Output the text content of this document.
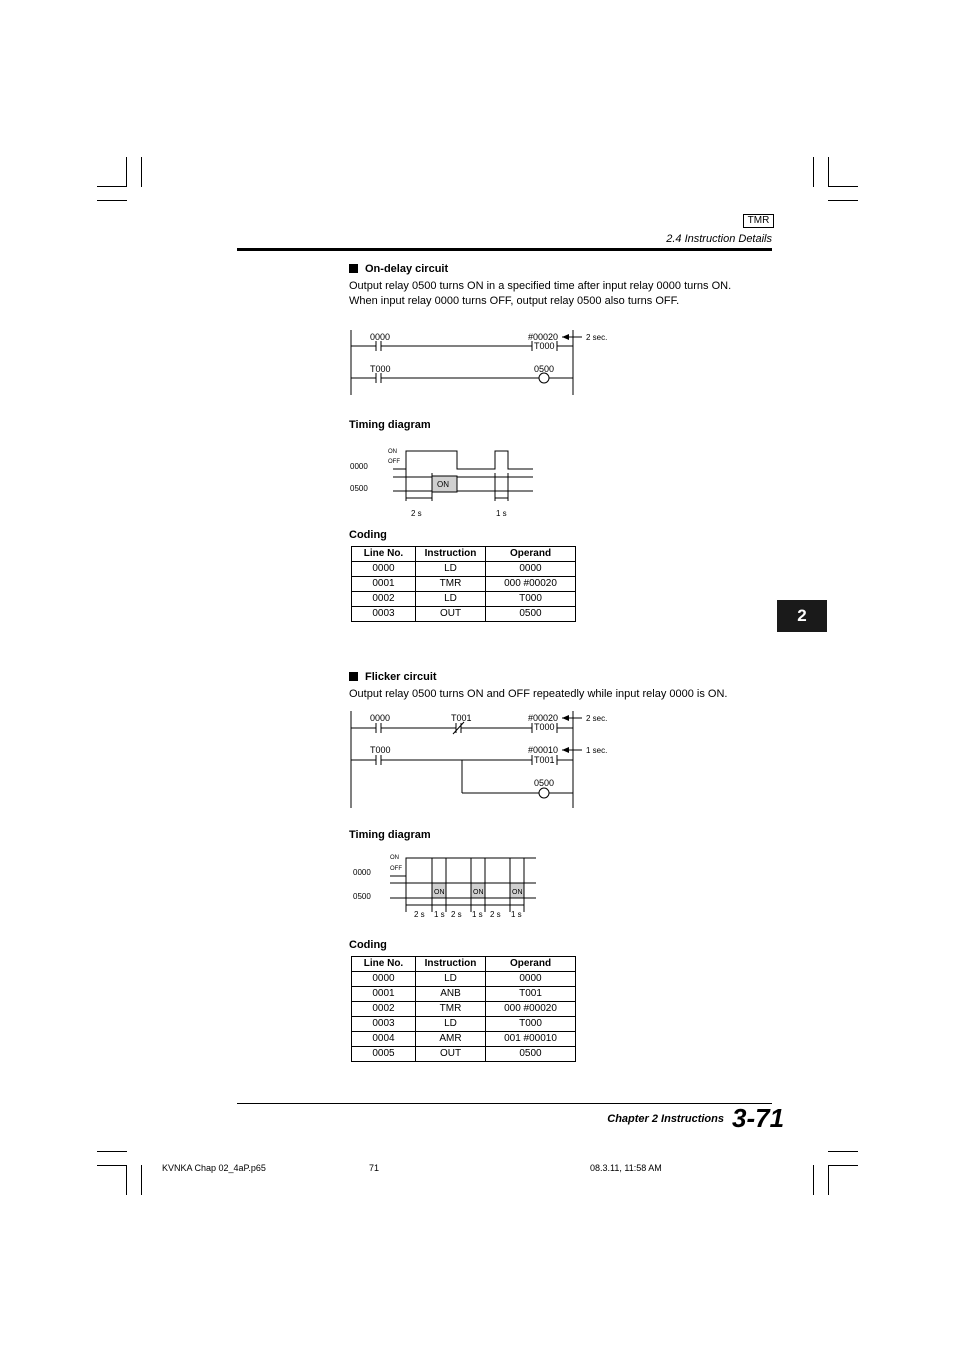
TMR
2.4 Instruction Details
2
On-delay circuit
Output relay 0500 turns ON in a specified time after input relay 0000 turns ON.
When input relay 0000 turns OFF, output relay 0500 also turns OFF.
0000	#00020
T000
2 sec.
T000	0500
Timing diagram
ON
ON
OFF
0000
0500
2 s	1 s
Coding
Line No.	Instruction	Operand
0000	LD	0000
0001	TMR	000 #00020
0002	LD	T000
0003	OUT	0500
Flicker circuit
Output relay 0500 turns ON and OFF repeatedly while input relay 0000 is ON.
0000	T001	#00020
T000
2 sec.
T000	#00010
T001
1 sec.
0500
Timing diagram
ON	ON	ON
ON
OFF
0000
0500
2 s 1 s 2 s 1 s 2 s 1 s
Coding
Line No.	Instruction	Operand
0000	LD	0000
0001	ANB	T001
0002	TMR	000 #00020
0003	LD	T000
0004	AMR	001 #00010
0005	OUT	0500
Chapter 2 Instructions 3-71
KVNKA Chap 02_4aP.p65	71	08.3.11, 11:58 AM
